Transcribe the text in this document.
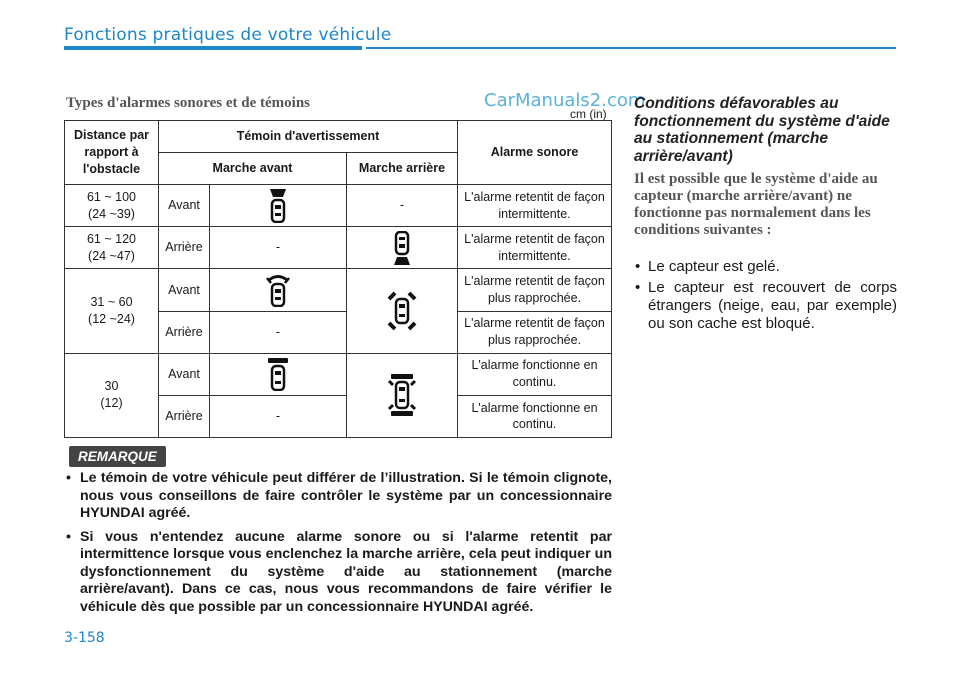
Fonctions pratiques de votre véhicule
Types d'alarmes sonores et de témoins	CarManuals2.com
cm (in)
Distance par rapport à l'obstacle	Témoin d'avertissement			Alarme sonore
	Marche avant		Marche arrière	
61 ~ 100
(24 ~39)	Avant		-	L'alarme retentit de façon intermittente.
61 ~ 120
(24 ~47)	Arrière	-		L'alarme retentit de façon intermittente.
31 ~ 60
(12 ~24)	Avant			L'alarme retentit de façon plus rapprochée.
	Arrière	-		L'alarme retentit de façon plus rapprochée.
30
(12)	Avant			L'alarme fonctionne en continu.
	Arrière	-		L'alarme fonctionne en continu.
REMARQUE
• Le témoin de votre véhicule peut différer de l’illustration. Si le témoin clignote, nous vous conseillons de faire contrôler le système par un concessionnaire HYUNDAI agréé.
• Si vous n'entendez aucune alarme sonore ou si l'alarme retentit par intermittence lorsque vous enclenchez la marche arrière, cela peut indiquer un dysfonctionnement du système d'aide au stationnement (marche arrière/avant). Dans ce cas, nous vous recommandons de faire vérifier le véhicule dès que possible par un concessionnaire HYUNDAI agréé.
3-158
Conditions défavorables au fonctionnement du système d'aide au stationnement (marche arrière/avant)
Il est possible que le système d'aide au capteur (marche arrière/avant) ne fonctionne pas normalement dans les conditions suivantes :
• Le capteur est gelé.
• Le capteur est recouvert de corps étrangers (neige, eau, par exemple) ou son cache est bloqué.
